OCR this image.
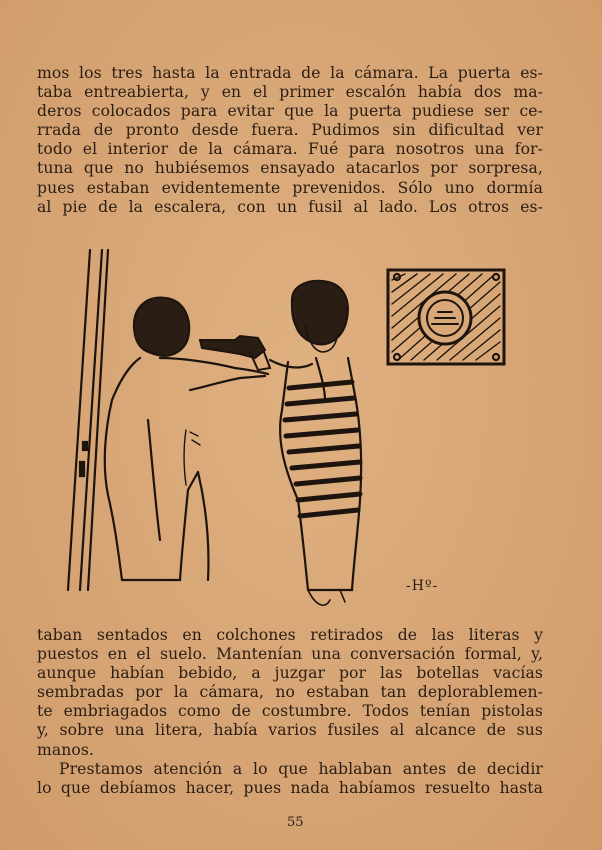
mos los tres hasta la entrada de la cámara. La puerta es-
taba entreabierta, y en el primer escalón había dos ma-
deros colocados para evitar que la puerta pudiese ser ce-
rrada de pronto desde fuera. Pudimos sin dificultad ver
todo el interior de la cámara. Fué para nosotros una for-
tuna que no hubiésemos ensayado atacarlos por sorpresa,
pues estaban evidentemente prevenidos. Sólo uno dormía
al pie de la escalera, con un fusil al lado. Los otros es-
-Hº-
taban sentados en colchones retirados de las literas y
puestos en el suelo. Mantenían una conversación formal, y,
aunque habían bebido, a juzgar por las botellas vacías
sembradas por la cámara, no estaban tan deplorablemen-
te embriagados como de costumbre. Todos tenían pistolas
y, sobre una litera, había varios fusiles al alcance de sus
manos.
Prestamos atención a lo que hablaban antes de decidir
lo que debíamos hacer, pues nada habíamos resuelto hasta
55
